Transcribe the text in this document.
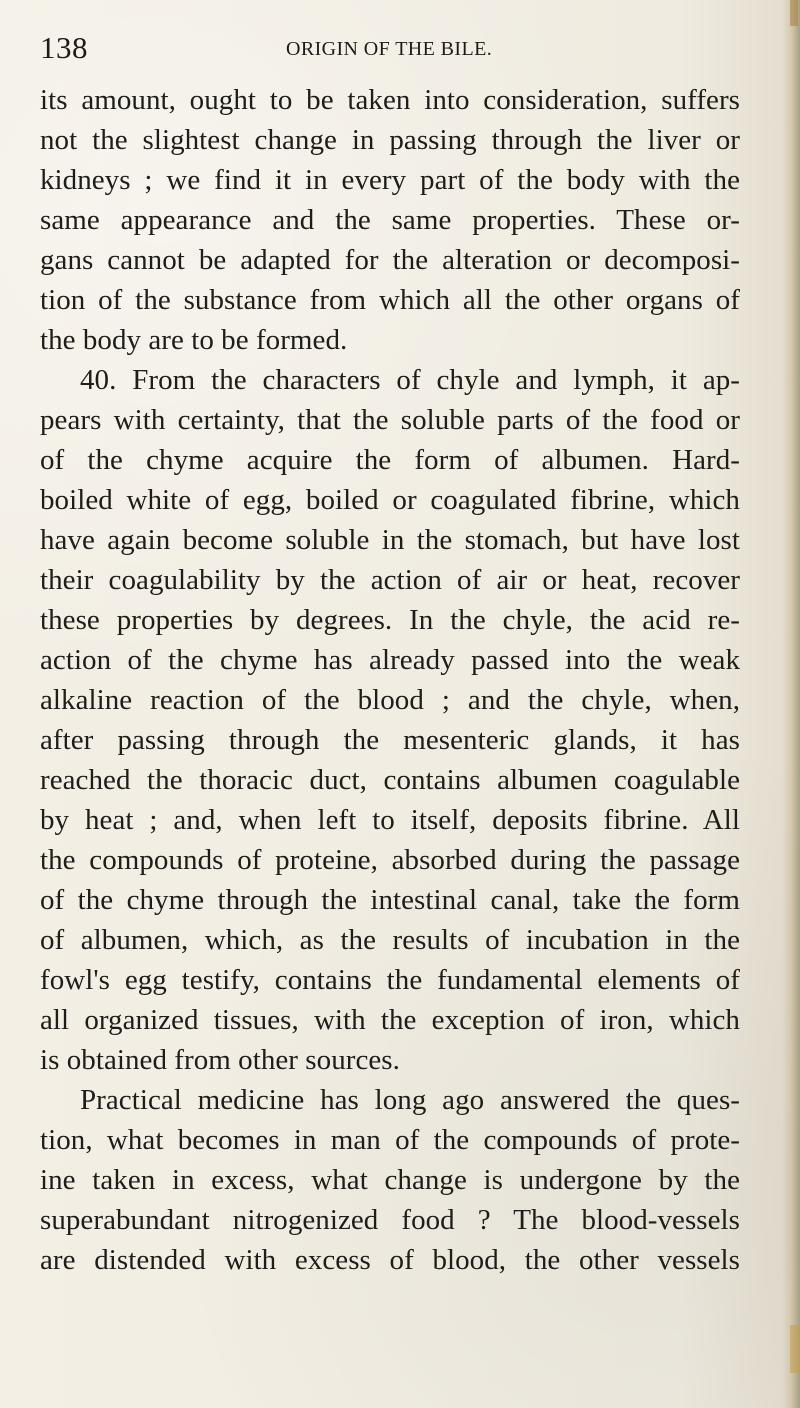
138	ORIGIN OF THE BILE.
its amount, ought to be taken into consideration, suffers
not the slightest change in passing through the liver or
kidneys ; we find it in every part of the body with the
same appearance and the same properties. These or-
gans cannot be adapted for the alteration or decomposi-
tion of the substance from which all the other organs of
the body are to be formed.
40. From the characters of chyle and lymph, it ap-
pears with certainty, that the soluble parts of the food or
of the chyme acquire the form of albumen. Hard-
boiled white of egg, boiled or coagulated fibrine, which
have again become soluble in the stomach, but have lost
their coagulability by the action of air or heat, recover
these properties by degrees. In the chyle, the acid re-
action of the chyme has already passed into the weak
alkaline reaction of the blood ; and the chyle, when,
after passing through the mesenteric glands, it has
reached the thoracic duct, contains albumen coagulable
by heat ; and, when left to itself, deposits fibrine. All
the compounds of proteine, absorbed during the passage
of the chyme through the intestinal canal, take the form
of albumen, which, as the results of incubation in the
fowl's egg testify, contains the fundamental elements of
all organized tissues, with the exception of iron, which
is obtained from other sources.
Practical medicine has long ago answered the ques-
tion, what becomes in man of the compounds of prote-
ine taken in excess, what change is undergone by the
superabundant nitrogenized food ? The blood-vessels
are distended with excess of blood, the other vessels
